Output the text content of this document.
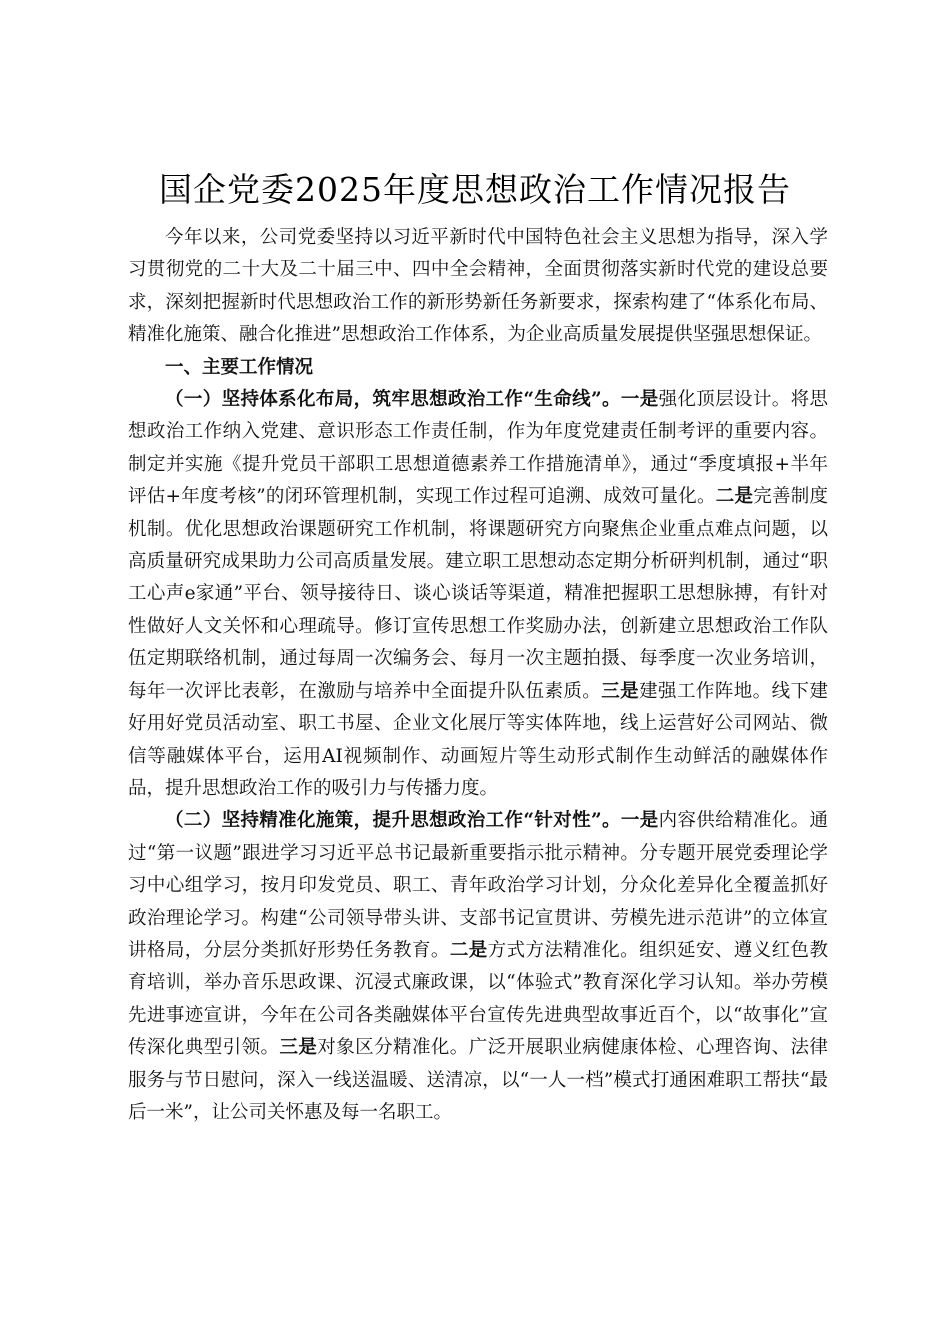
国企党委2025年度思想政治工作情况报告

今年以来，公司党委坚持以习近平新时代中国特色社会主义思想为指导，深入学习贯彻党的二十大及二十届三中、四中全会精神，全面贯彻落实新时代党的建设总要求，深刻把握新时代思想政治工作的新形势新任务新要求，探索构建了“体系化布局、精准化施策、融合化推进”思想政治工作体系，为企业高质量发展提供坚强思想保证。

一、主要工作情况

（一）坚持体系化布局，筑牢思想政治工作“生命线”。一是强化顶层设计。将思想政治工作纳入党建、意识形态工作责任制，作为年度党建责任制考评的重要内容。制定并实施《提升党员干部职工思想道德素养工作措施清单》，通过“季度填报+半年评估+年度考核”的闭环管理机制，实现工作过程可追溯、成效可量化。二是完善制度机制。优化思想政治课题研究工作机制，将课题研究方向聚焦企业重点难点问题，以高质量研究成果助力公司高质量发展。建立职工思想动态定期分析研判机制，通过“职工心声e家通”平台、领导接待日、谈心谈话等渠道，精准把握职工思想脉搏，有针对性做好人文关怀和心理疏导。修订宣传思想工作奖励办法，创新建立思想政治工作队伍定期联络机制，通过每周一次编务会、每月一次主题拍摄、每季度一次业务培训，每年一次评比表彰，在激励与培养中全面提升队伍素质。三是建强工作阵地。线下建好用好党员活动室、职工书屋、企业文化展厅等实体阵地，线上运营好公司网站、微信等融媒体平台，运用AI视频制作、动画短片等生动形式制作生动鲜活的融媒体作品，提升思想政治工作的吸引力与传播力度。

（二）坚持精准化施策，提升思想政治工作“针对性”。一是内容供给精准化。通过“第一议题”跟进学习习近平总书记最新重要指示批示精神。分专题开展党委理论学习中心组学习，按月印发党员、职工、青年政治学习计划，分众化差异化全覆盖抓好政治理论学习。构建“公司领导带头讲、支部书记宣贯讲、劳模先进示范讲”的立体宣讲格局，分层分类抓好形势任务教育。二是方式方法精准化。组织延安、遵义红色教育培训，举办音乐思政课、沉浸式廉政课，以“体验式”教育深化学习认知。举办劳模先进事迹宣讲，今年在公司各类融媒体平台宣传先进典型故事近百个，以“故事化”宣传深化典型引领。三是对象区分精准化。广泛开展职业病健康体检、心理咨询、法律服务与节日慰问，深入一线送温暖、送清凉，以“一人一档”模式打通困难职工帮扶“最后一米”，让公司关怀惠及每一名职工。
